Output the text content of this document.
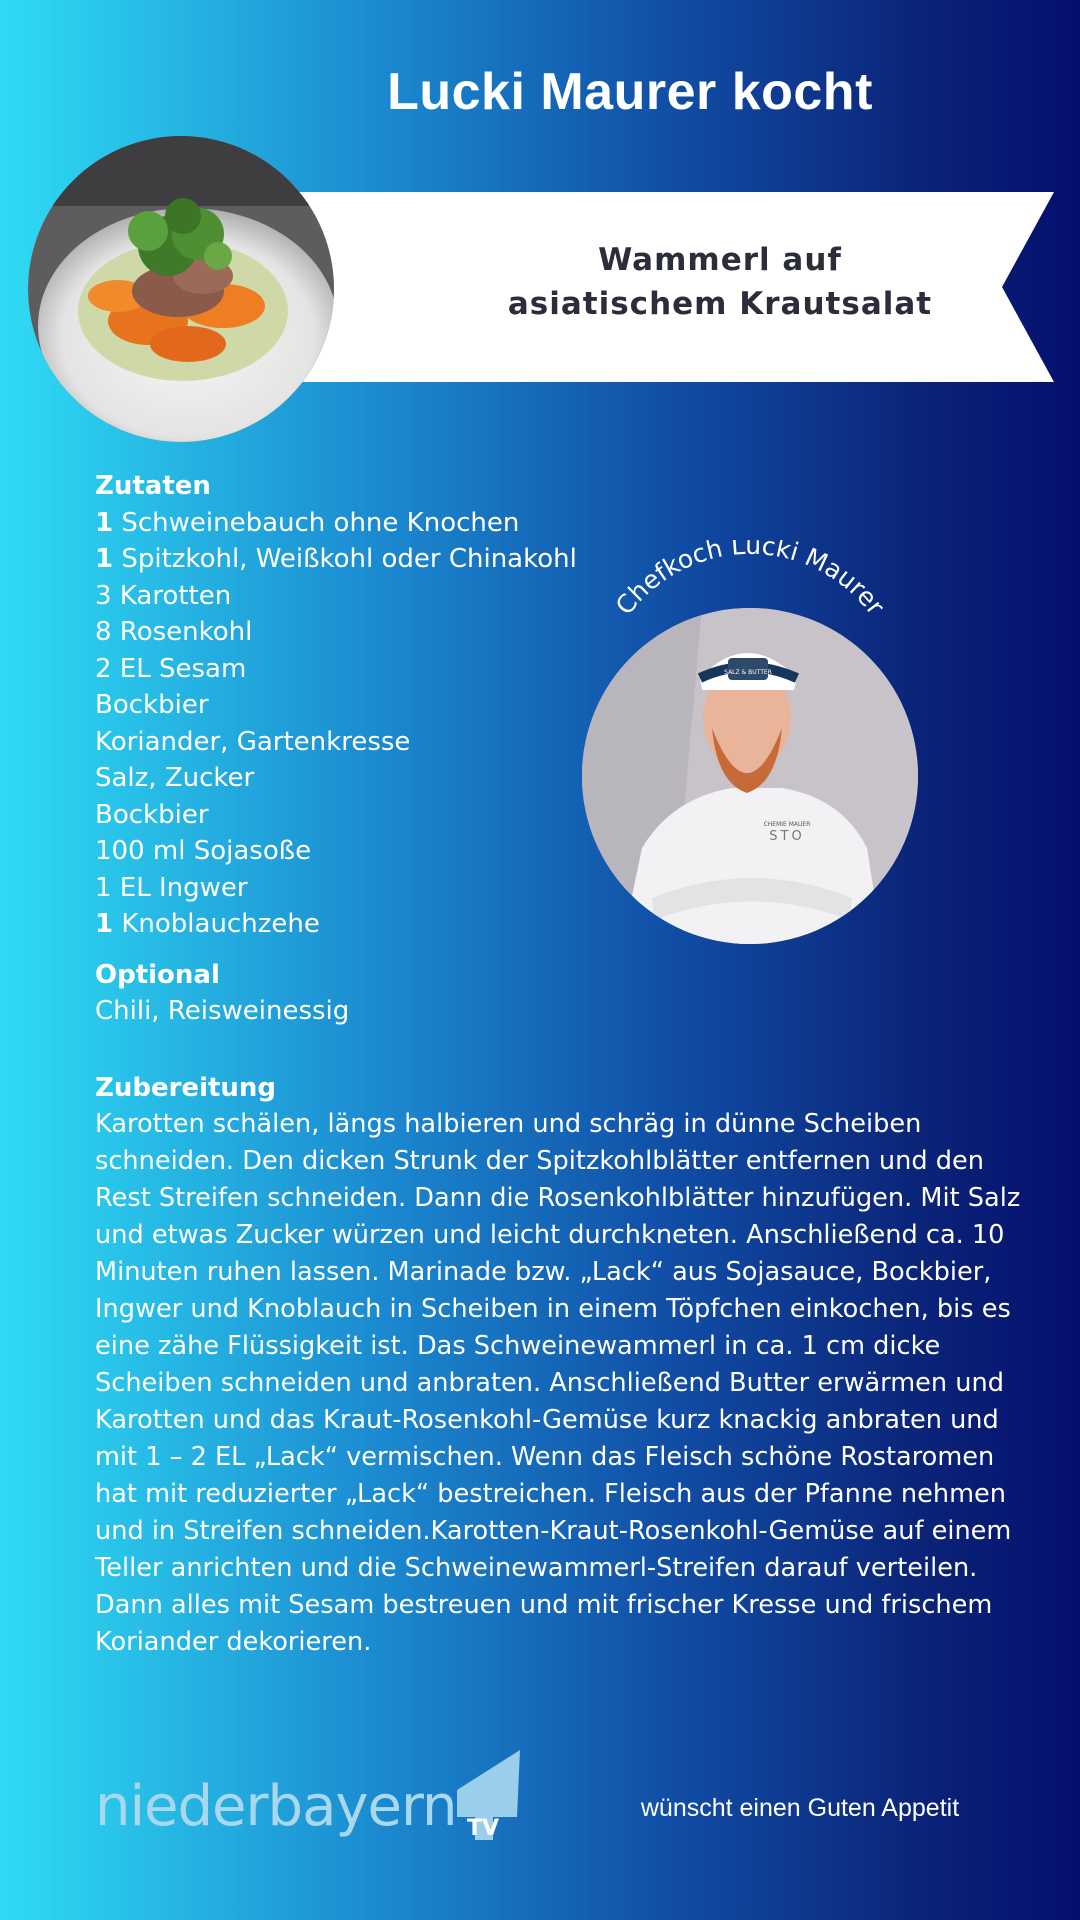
Lucki Maurer kocht
Wammerl auf
asiatischem Krautsalat
Chefkoch Lucki Maurer
SALZ & BUTTER
CHEMIE MAUER
STO
Zutaten
1 Schweinebauch ohne Knochen
1 Spitzkohl, Weißkohl oder Chinakohl
3 Karotten
8 Rosenkohl
2 EL Sesam
Bockbier
Koriander, Gartenkresse
Salz, Zucker
Bockbier
100 ml Sojasoße
1 EL Ingwer
1 Knoblauchzehe
Optional
Chili, Reisweinessig
Zubereitung
Karotten schälen, längs halbieren und schräg in dünne Scheiben schneiden. Den dicken Strunk der Spitzkohlblätter entfernen und den Rest Streifen schneiden. Dann die Rosenkohlblätter hinzufügen. Mit Salz und etwas Zucker würzen und leicht durchkneten. Anschließend ca. 10 Minuten ruhen lassen. Marinade bzw. „Lack“ aus Sojasauce, Bockbier, Ingwer und Knoblauch in Scheiben in einem Töpfchen einkochen, bis es eine zähe Flüssigkeit ist. Das Schweinewammerl in ca. 1 cm dicke Scheiben schneiden und anbraten. Anschließend Butter erwärmen und Karotten und das Kraut-Rosenkohl-Gemüse kurz knackig anbraten und mit 1 – 2 EL „Lack“ vermischen. Wenn das Fleisch schöne Rostaromen hat mit reduzierter „Lack“ bestreichen. Fleisch aus der Pfanne nehmen und in Streifen schneiden.Karotten-Kraut-Rosenkohl-Gemüse auf einem Teller anrichten und die Schweinewammerl-Streifen darauf verteilen. Dann alles mit Sesam bestreuen und mit frischer Kresse und frischem Koriander dekorieren.
niederbayern TV
wünscht einen Guten Appetit
